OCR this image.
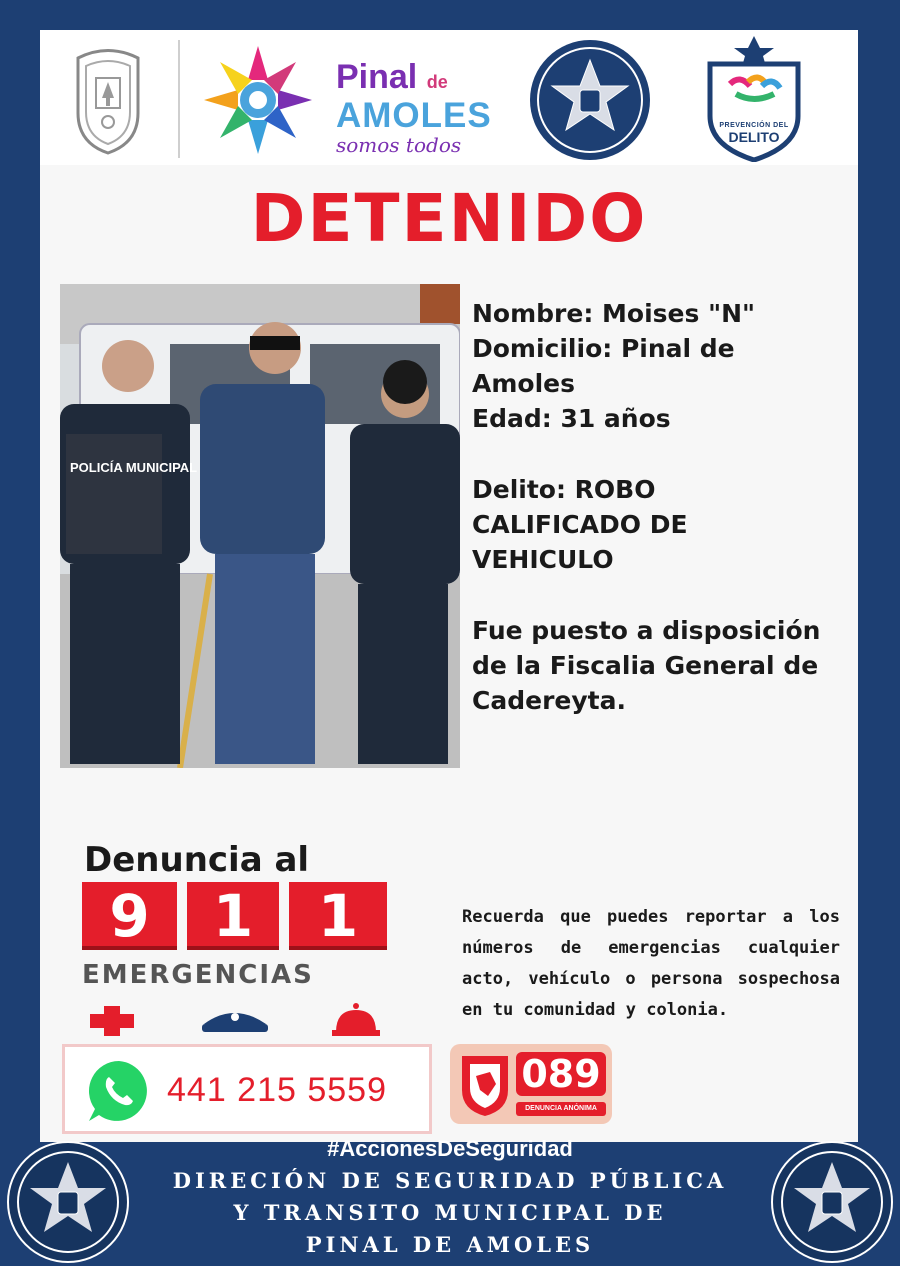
Pinal de
AMOLES
somos todos
PREVENCIÓN DEL
DELITO
DETENIDO
POLICÍA MUNICIPAL

Nombre: Moises "N"

Domicilio: Pinal de

Amoles

Edad: 31 años

Delito: ROBO

CALIFICADO DE

VEHICULO

Fue puesto a disposición

de la Fiscalia General de

Cadereyta.

Denuncia al
9	1	1
EMERGENCIAS
Recuerda que puedes reportar a los números de emergencias cualquier acto, vehículo o persona sospechosa en tu comunidad y colonia.
441 215 5559	089
DENUNCIA ANÓNIMA
#AccionesDeSeguridad
DIRECIÓN DE SEGURIDAD PÚBLICA
Y TRANSITO MUNICIPAL DE
PINAL DE AMOLES
